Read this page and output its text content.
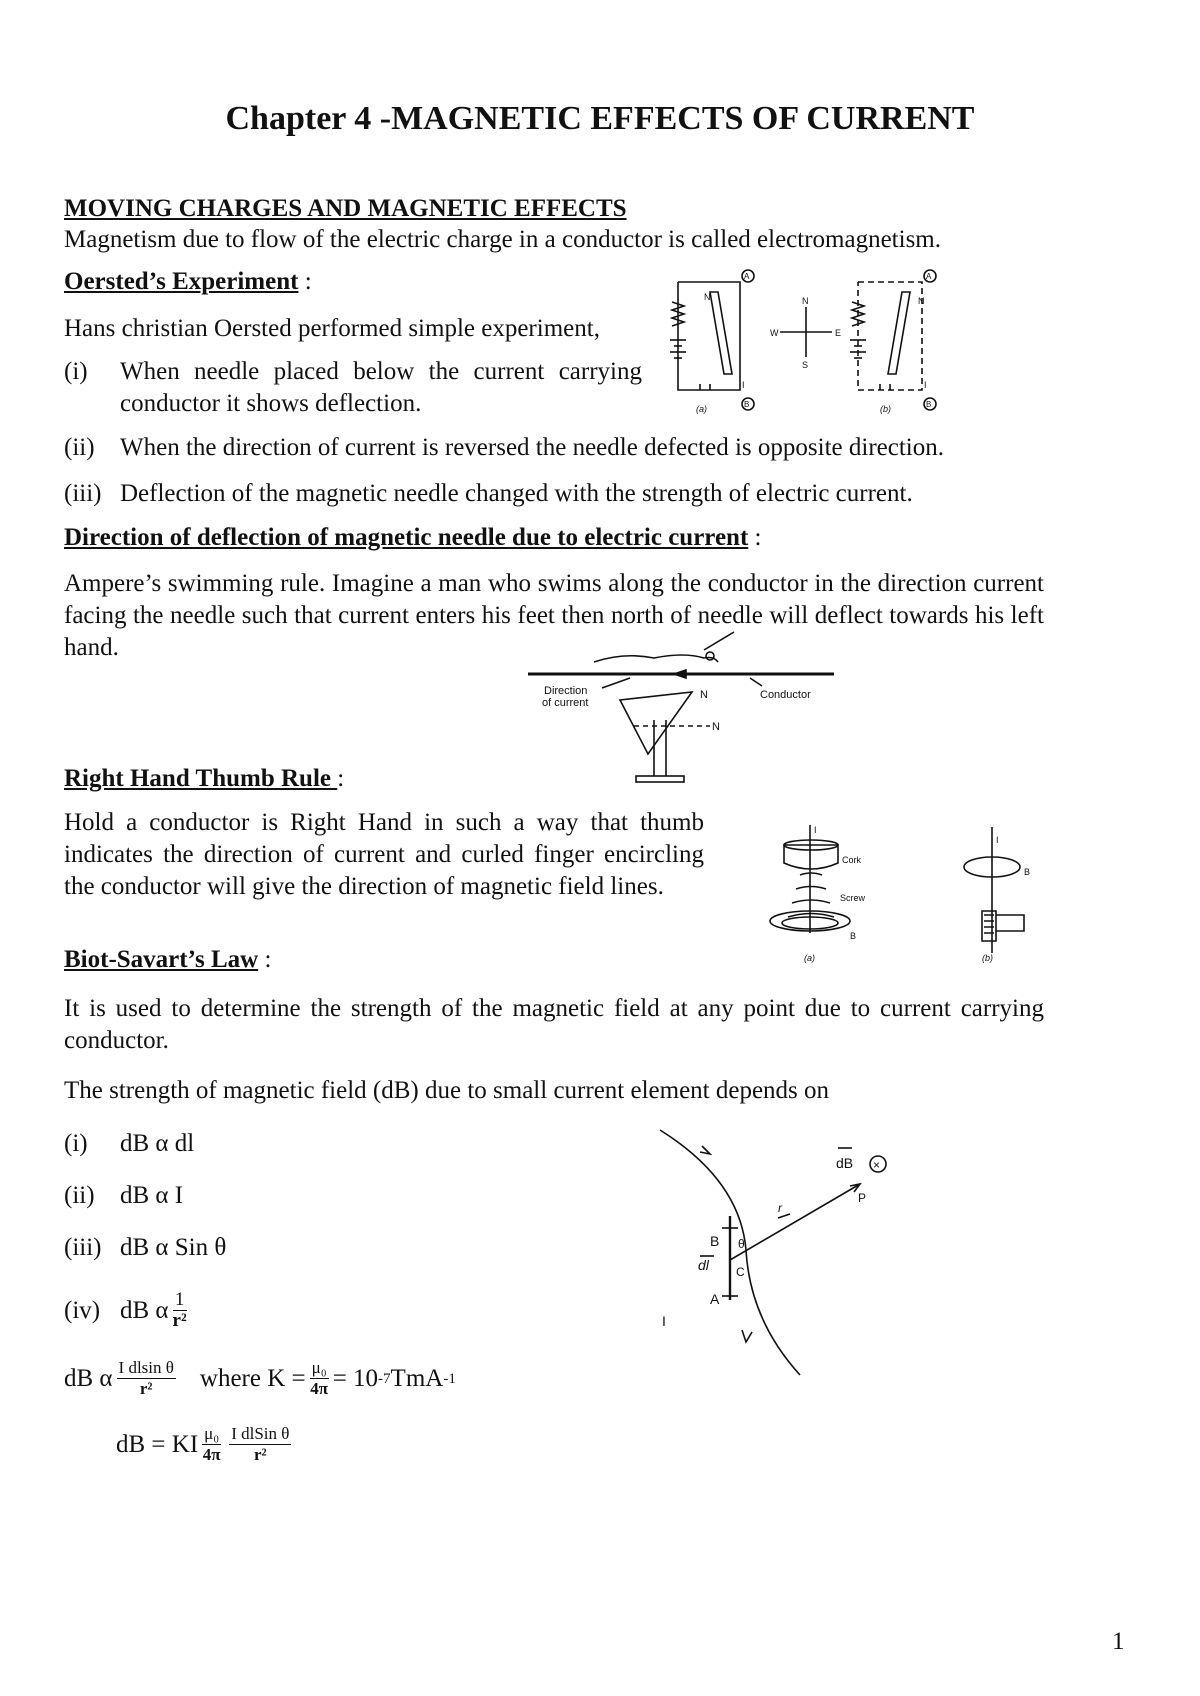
Chapter 4 -MAGNETIC EFFECTS OF CURRENT
MOVING CHARGES AND MAGNETIC EFFECTS
Magnetism due to flow of the electric charge in a conductor is called electromagnetism.
Oersted’s Experiment :
Hans christian Oersted performed simple experiment,
(i)	When needle placed below the current carrying conductor it shows deflection.
(ii)	When the direction of current is reversed the needle defected is opposite direction.
(iii) Deflection of the magnetic needle changed with the strength of electric current.
N	N
W	E
S
I
A
B
(a)
N
I
A
B
(b)
Direction of deflection of magnetic needle due to electric current :
Ampere’s swimming rule. Imagine a man who swims along the conductor in the direction current facing the needle such that current enters his feet then north of needle will deflect towards his left hand.
Direction
of current
N
N
Conductor
Right Hand Thumb Rule :
Hold a conductor is Right Hand in such a way that thumb indicates the direction of current and curled finger encircling the conductor will give the direction of magnetic field lines.
I
Cork
Screw
B
(a)
I
B
(b)
Biot-Savart’s Law :
It is used to determine the strength of the magnetic field at any point due to current carrying conductor.
The strength of magnetic field (dB) due to small current element depends on
(i)	dB α dl
(ii)	dB α I
(iii) dB α Sin θ
(iv) dB α $\frac{1}{\text{r²}}$
dB α $\frac{\text{I dlsin θ}}{\text{r²}}$ where $K = \frac{\text{μ₀}}{4\pi} = 10$ -7 TmA -1
dB = KI $\frac{\text{μ₀}}{4\pi} \frac{\text{I dlSin θ}}{\text{r²}}$
dB ×
P
r
B θ
dl C
A
I
1
